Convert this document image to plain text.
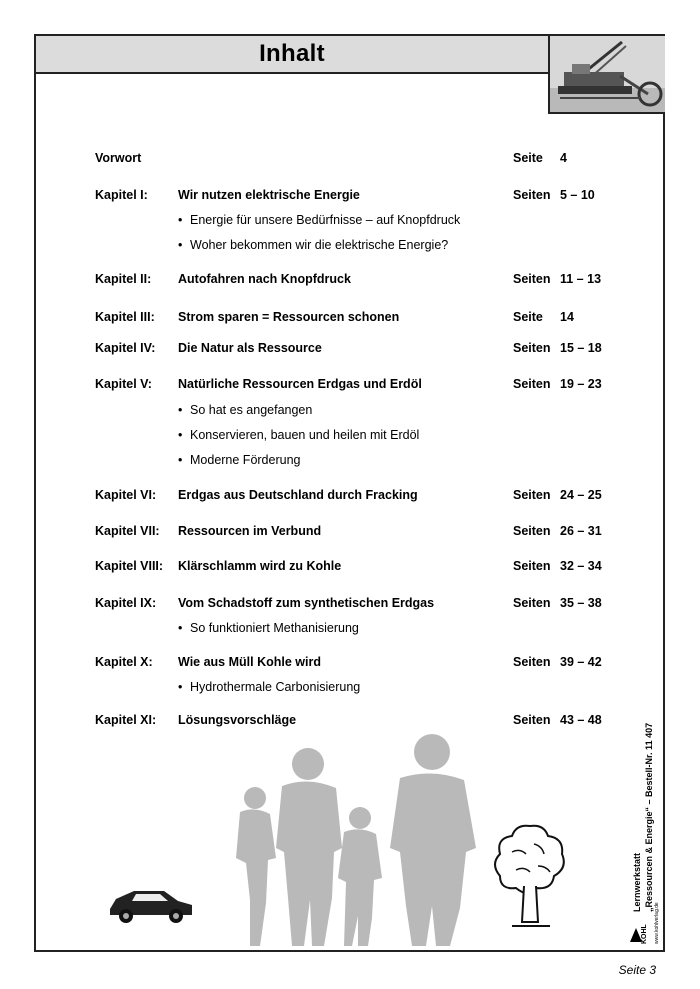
Inhalt
Vorwort	Seite 4
Kapitel I: Wir nutzen elektrische Energie	Seiten 5 – 10
• Energie für unsere Bedürfnisse – auf Knopfdruck
• Woher bekommen wir die elektrische Energie?
Kapitel II: Autofahren nach Knopfdruck	Seiten 11 – 13
Kapitel III: Strom sparen = Ressourcen schonen	Seite 14
Kapitel IV: Die Natur als Ressource	Seiten 15 – 18
Kapitel V: Natürliche Ressourcen Erdgas und Erdöl	Seiten 19 – 23
• So hat es angefangen
• Konservieren, bauen und heilen mit Erdöl
• Moderne Förderung
Kapitel VI: Erdgas aus Deutschland durch Fracking	Seiten 24 – 25
Kapitel VII: Ressourcen im Verbund	Seiten 26 – 31
Kapitel VIII: Klärschlamm wird zu Kohle	Seiten 32 – 34
Kapitel IX: Vom Schadstoff zum synthetischen Erdgas	Seiten 35 – 38
• So funktioniert Methanisierung
Kapitel X: Wie aus Müll Kohle wird	Seiten 39 – 42
• Hydrothermale Carbonisierung
Kapitel XI: Lösungsvorschläge	Seiten 43 – 48
Lernwerkstatt „Ressourcen & Energie“ – Bestell-Nr. 11 407
KOHL www.kohlverlag.de
Seite 3
